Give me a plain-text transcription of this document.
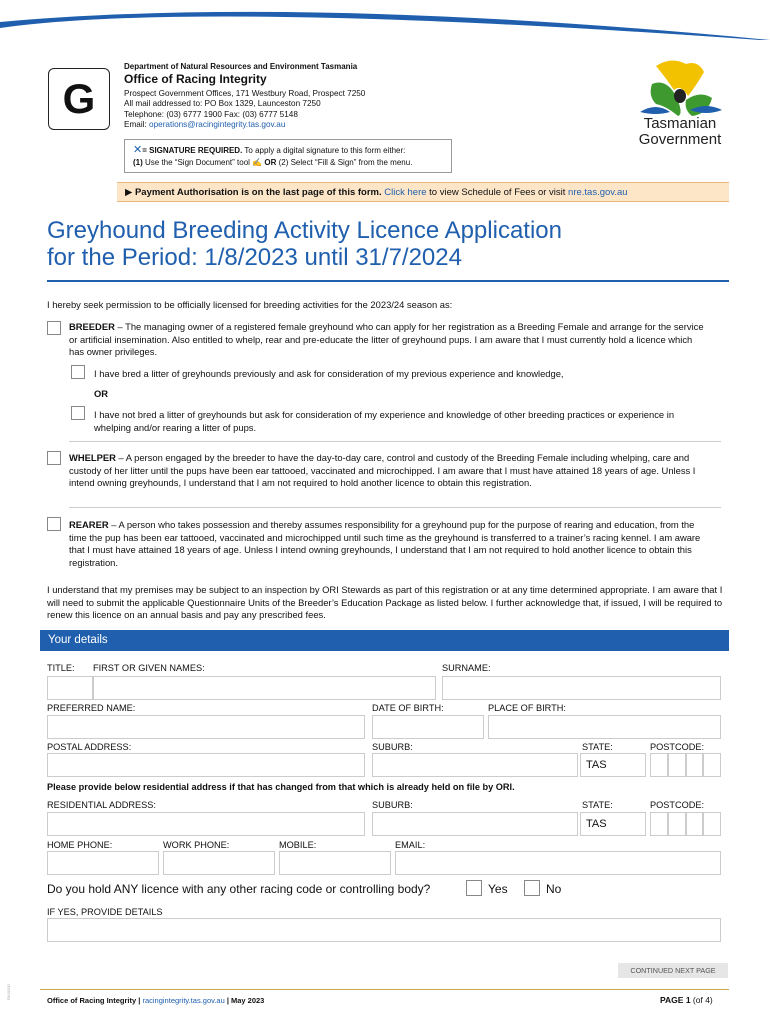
G
Department of Natural Resources and Environment Tasmania
Office of Racing Integrity
Prospect Government Offices, 171 Westbury Road, Prospect 7250
All mail addressed to: PO Box 1329, Launceston 7250
Telephone: (03) 6777 1900 Fax: (03) 6777 5148
Email: operations@racingintegrity.tas.gov.au	Tasmanian
Government
✕= SIGNATURE REQUIRED. To apply a digital signature to this form either:
(1) Use the “Sign Document” tool ✍ OR (2) Select “Fill & Sign” from the menu.
▶ Payment Authorisation is on the last page of this form. Click here to view Schedule of Fees or visit nre.tas.gov.au
Greyhound Breeding Activity Licence Application
for the Period: 1/8/2023 until 31/7/2024
I hereby seek permission to be officially licensed for breeding activities for the 2023/24 season as:
BREEDER – The managing owner of a registered female greyhound who can apply for her registration as a Breeding Female and arrange for the service or artificial insemination. Also entitled to whelp, rear and pre-educate the litter of greyhound pups. I am aware that I must currently hold a licence which has owner privileges.
I have bred a litter of greyhounds previously and ask for consideration of my previous experience and knowledge,
OR
I have not bred a litter of greyhounds but ask for consideration of my experience and knowledge of other breeding practices or experience in whelping and/or rearing a litter of pups.
WHELPER – A person engaged by the breeder to have the day-to-day care, control and custody of the Breeding Female including whelping, care and custody of her litter until the pups have been ear tattooed, vaccinated and microchipped. I am aware that I must have attained 18 years of age. Unless I intend owning greyhounds, I understand that I am not required to hold another licence to obtain this registration.
REARER – A person who takes possession and thereby assumes responsibility for a greyhound pup for the purpose of rearing and education, from the time the pup has been ear tattooed, vaccinated and microchipped until such time as the greyhound is transferred to a trainer’s racing kennel. I am aware that I must have attained 18 years of age. Unless I intend owning greyhounds, I understand that I am not required to hold another licence to obtain this registration.
I understand that my premises may be subject to an inspection by ORI Stewards as part of this registration or at any time determined appropriate. I am aware that I will need to submit the applicable Questionnaire Units of the Breeder’s Education Package as listed below. I further acknowledge that, if issued, I will be required to renew this licence on an annual basis and pay any prescribed fees.
Your details
TITLE: FIRST OR GIVEN NAMES:	SURNAME:
PREFERRED NAME:	DATE OF BIRTH:	PLACE OF BIRTH:
POSTAL ADDRESS:	SUBURB:	STATE:	POSTCODE:
TAS
Please provide below residential address if that has changed from that which is already held on file by ORI.
RESIDENTIAL ADDRESS:	SUBURB:	STATE:	POSTCODE:
TAS
HOME PHONE:	WORK PHONE:	MOBILE:	EMAIL:
Do you hold ANY licence with any other racing code or controlling body?	Yes	No
IF YES, PROVIDE DETAILS
CONTINUED NEXT PAGE
Office of Racing Integrity | racingintegrity.tas.gov.au | May 2023	PAGE 1 (of 4)
RIU0000
